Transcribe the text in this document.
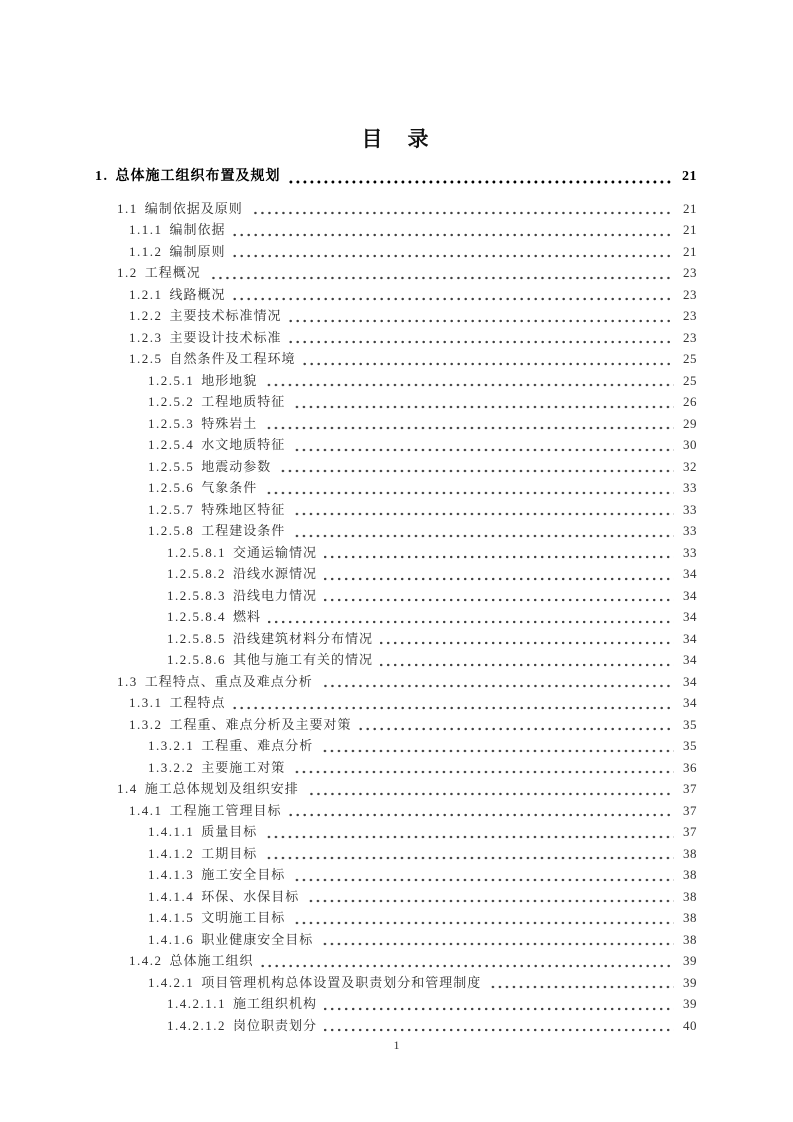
目　录
1. 总体施工组织布置及规划	21
1.1 编制依据及原则	21
1.1.1 编制依据	21
1.1.2 编制原则	21
1.2 工程概况	23
1.2.1 线路概况	23
1.2.2 主要技术标准情况	23
1.2.3 主要设计技术标准	23
1.2.5 自然条件及工程环境	25
1.2.5.1 地形地貌	25
1.2.5.2 工程地质特征	26
1.2.5.3 特殊岩土	29
1.2.5.4 水文地质特征	30
1.2.5.5 地震动参数	32
1.2.5.6 气象条件	33
1.2.5.7 特殊地区特征	33
1.2.5.8 工程建设条件	33
1.2.5.8.1 交通运输情况	33
1.2.5.8.2 沿线水源情况	34
1.2.5.8.3 沿线电力情况	34
1.2.5.8.4 燃料	34
1.2.5.8.5 沿线建筑材料分布情况	34
1.2.5.8.6 其他与施工有关的情况	34
1.3 工程特点、重点及难点分析	34
1.3.1 工程特点	34
1.3.2 工程重、难点分析及主要对策	35
1.3.2.1 工程重、难点分析	35
1.3.2.2 主要施工对策	36
1.4 施工总体规划及组织安排	37
1.4.1 工程施工管理目标	37
1.4.1.1 质量目标	37
1.4.1.2 工期目标	38
1.4.1.3 施工安全目标	38
1.4.1.4 环保、水保目标	38
1.4.1.5 文明施工目标	38
1.4.1.6 职业健康安全目标	38
1.4.2 总体施工组织	39
1.4.2.1 项目管理机构总体设置及职责划分和管理制度	39
1.4.2.1.1 施工组织机构	39
1.4.2.1.2 岗位职责划分	40
1
